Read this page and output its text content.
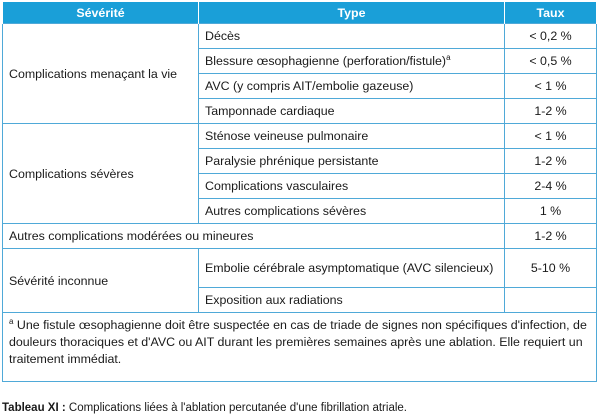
Sévérité	Type	Taux
Complications menaçant la vie	Décès	< 0,2 %
	Blessure œsophagienne (perforation/fistule)$^a$	< 0,5 %
	AVC (y compris AIT/embolie gazeuse)	< 1 %
	Tamponnade cardiaque	1-2 %
Complications sévères	Sténose veineuse pulmonaire	< 1 %
	Paralysie phrénique persistante	1-2 %
	Complications vasculaires	2-4 %
	Autres complications sévères	1 %
Autres complications modérées ou mineures		1-2 %
Sévérité inconnue	Embolie cérébrale asymptomatique (AVC silencieux)	5-10 %
	Exposition aux radiations	
$^a$ Une fistule œsophagienne doit être suspectée en cas de triade de signes non spécifiques d'infection, de douleurs thoraciques et d'AVC ou AIT durant les premières semaines après une ablation. Elle requiert un traitement immédiat.		
Tableau XI : Complications liées à l'ablation percutanée d'une fibrillation atriale.
